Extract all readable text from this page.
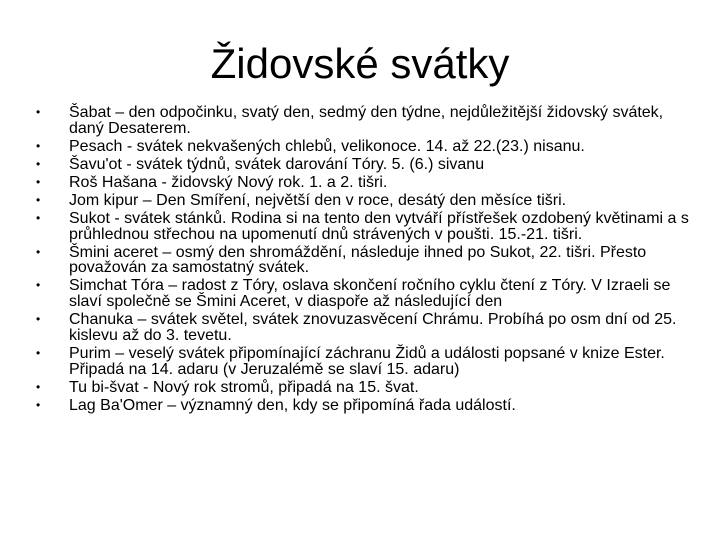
Židovské svátky
•	Šabat – den odpočinku, svatý den, sedmý den týdne, nejdůležitější židovský svátek, daný Desaterem.
•	Pesach - svátek nekvašených chlebů, velikonoce. 14. až 22.(23.) nisanu.
•	Šavu'ot - svátek týdnů, svátek darování Tóry. 5. (6.) sivanu
•	Roš Hašana - židovský Nový rok. 1. a 2. tišri.
•	Jom kipur – Den Smíření, největší den v roce, desátý den měsíce tišri.
•	Sukot - svátek stánků. Rodina si na tento den vytváří přístřešek ozdobený květinami a s průhlednou střechou na upomenutí dnů strávených v poušti. 15.-21. tišri.
•	Šmini aceret – osmý den shromáždění, následuje ihned po Sukot, 22. tišri. Přesto považován za samostatný svátek.
•	Simchat Tóra – radost z Tóry, oslava skončení ročního cyklu čtení z Tóry. V Izraeli se slaví společně se Šmini Aceret, v diaspoře až následující den
•	Chanuka – svátek světel, svátek znovuzasvěcení Chrámu. Probíhá po osm dní od 25. kislevu až do 3. tevetu.
•	Purim – veselý svátek připomínající záchranu Židů a události popsané v knize Ester. Připadá na 14. adaru (v Jeruzalémě se slaví 15. adaru)
•	Tu bi-švat - Nový rok stromů, připadá na 15. švat.
•	Lag Ba'Omer – významný den, kdy se připomíná řada událostí.
